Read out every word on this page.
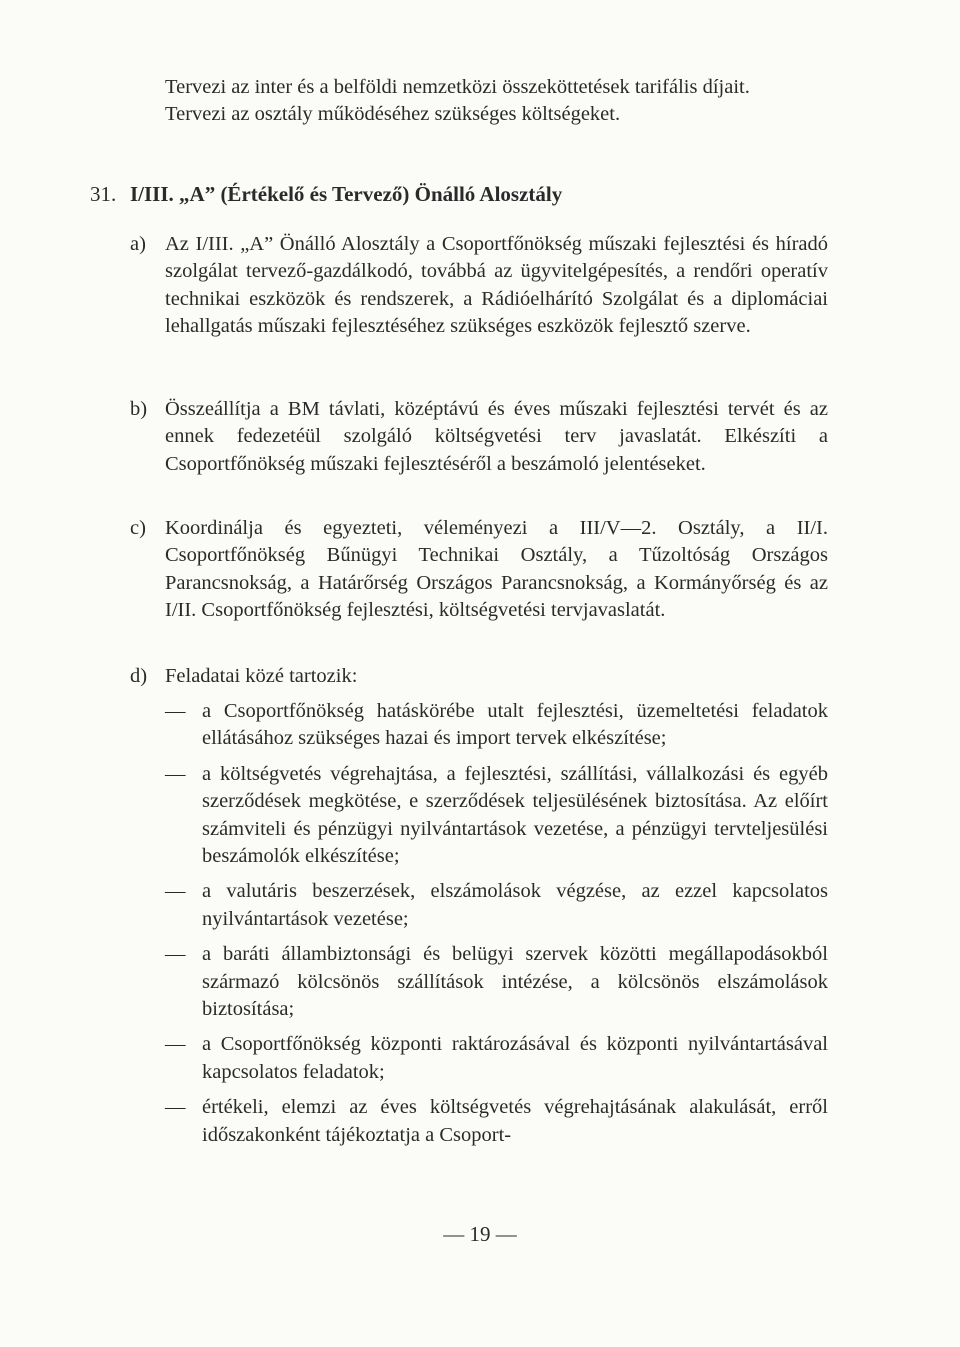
Tervezi az inter és a belföldi nemzetközi összeköttetések tarifális díjait.

Tervezi az osztály működéséhez szükséges költségeket.

31. I/III. „A” (Értékelő és Tervező) Önálló Alosztály
a) Az I/III. „A” Önálló Alosztály a Csoportfőnökség műszaki fejlesztési és híradó szolgálat tervező-gazdálkodó, továbbá az ügyvitelgépesítés, a rendőri operatív technikai eszközök és rendszerek, a Rádióelhárító Szolgálat és a diplomáciai lehallgatás műszaki fejlesztéséhez szükséges eszközök fejlesztő szerve.
b) Összeállítja a BM távlati, középtávú és éves műszaki fejlesztési tervét és az ennek fedezetéül szolgáló költségvetési terv javaslatát. Elkészíti a Csoportfőnökség műszaki fejlesztéséről a beszámoló jelentéseket.
c) Koordinálja és egyezteti, véleményezi a III/V—2. Osztály, a II/I. Csoportfőnökség Bűnügyi Technikai Osztály, a Tűzoltóság Országos Parancsnokság, a Határőrség Országos Parancsnokság, a Kormányőrség és az I/II. Csoportfőnökség fejlesztési, költségvetési tervjavaslatát.
d) Feladatai közé tartozik:
— a Csoportfőnökség hatáskörébe utalt fejlesztési, üzemeltetési feladatok ellátásához szükséges hazai és import tervek elkészítése;
— a költségvetés végrehajtása, a fejlesztési, szállítási, vállalkozási és egyéb szerződések megkötése, e szerződések teljesülésének biztosítása. Az előírt számviteli és pénzügyi nyilvántartások vezetése, a pénzügyi tervteljesülési beszámolók elkészítése;
— a valutáris beszerzések, elszámolások végzése, az ezzel kapcsolatos nyilvántartások vezetése;
— a baráti állambiztonsági és belügyi szervek közötti megállapodásokból származó kölcsönös szállítások intézése, a kölcsönös elszámolások biztosítása;
— a Csoportfőnökség központi raktározásával és központi nyilvántartásával kapcsolatos feladatok;
— értékeli, elemzi az éves költségvetés végrehajtásának alakulását, erről időszakonként tájékoztatja a Csoport-
— 19 —
